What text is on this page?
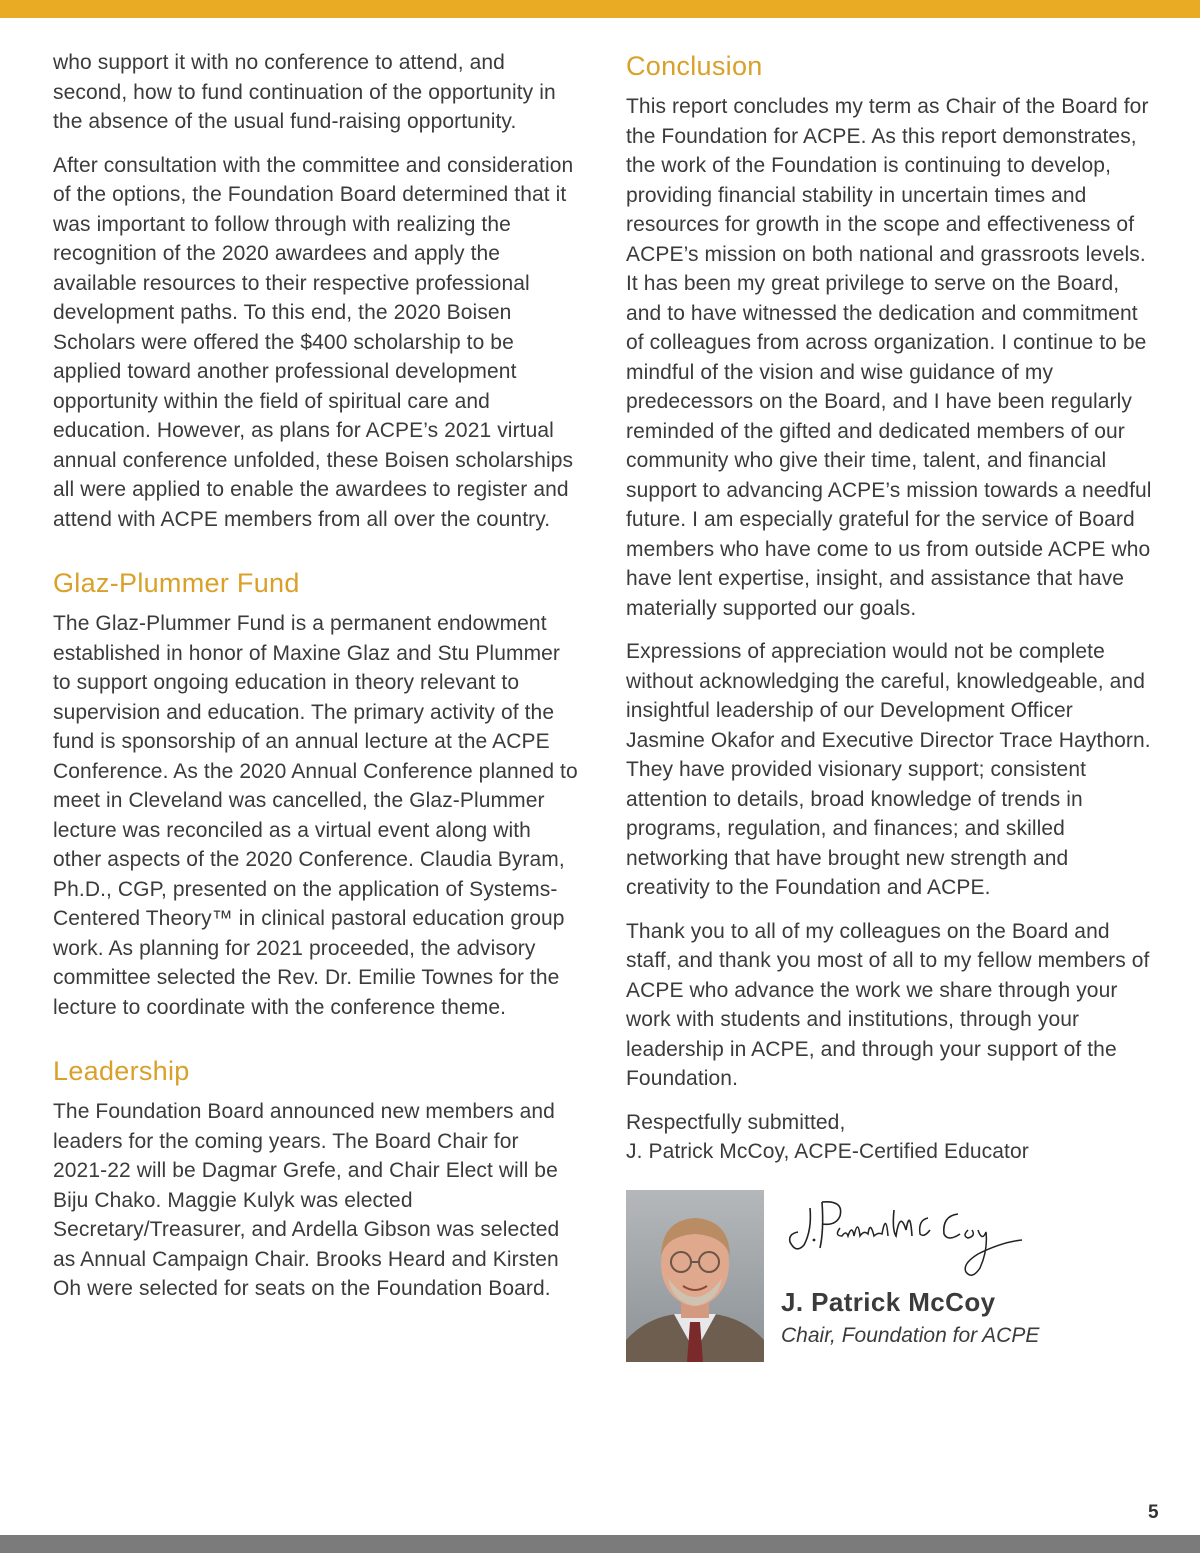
who support it with no conference to attend, and second, how to fund continuation of the opportunity in the absence of the usual fund-raising opportunity.

After consultation with the committee and consideration of the options, the Foundation Board determined that it was important to follow through with realizing the recognition of the 2020 awardees and apply the available resources to their respective professional development paths. To this end, the 2020 Boisen Scholars were offered the $400 scholarship to be applied toward another professional development opportunity within the field of spiritual care and education. However, as plans for ACPE’s 2021 virtual annual conference unfolded, these Boisen scholarships all were applied to enable the awardees to register and attend with ACPE members from all over the country.

Glaz-Plummer Fund

The Glaz-Plummer Fund is a permanent endowment established in honor of Maxine Glaz and Stu Plummer to support ongoing education in theory relevant to supervision and education. The primary activity of the fund is sponsorship of an annual lecture at the ACPE Conference. As the 2020 Annual Conference planned to meet in Cleveland was cancelled, the Glaz-Plummer lecture was reconciled as a virtual event along with other aspects of the 2020 Conference. Claudia Byram, Ph.D., CGP, presented on the application of Systems-Centered Theory™ in clinical pastoral education group work. As planning for 2021 proceeded, the advisory committee selected the Rev. Dr. Emilie Townes for the lecture to coordinate with the conference theme.

Leadership

The Foundation Board announced new members and leaders for the coming years. The Board Chair for 2021-22 will be Dagmar Grefe, and Chair Elect will be Biju Chako. Maggie Kulyk was elected Secretary/Treasurer, and Ardella Gibson was selected as Annual Campaign Chair. Brooks Heard and Kirsten Oh were selected for seats on the Foundation Board.

Conclusion

This report concludes my term as Chair of the Board for the Foundation for ACPE. As this report demonstrates, the work of the Foundation is continuing to develop, providing financial stability in uncertain times and resources for growth in the scope and effectiveness of ACPE’s mission on both national and grassroots levels. It has been my great privilege to serve on the Board, and to have witnessed the dedication and commitment of colleagues from across organization. I continue to be mindful of the vision and wise guidance of my predecessors on the Board, and I have been regularly reminded of the gifted and dedicated members of our community who give their time, talent, and financial support to advancing ACPE’s mission towards a needful future. I am especially grateful for the service of Board members who have come to us from outside ACPE who have lent expertise, insight, and assistance that have materially supported our goals.

Expressions of appreciation would not be complete without acknowledging the careful, knowledgeable, and insightful leadership of our Development Officer Jasmine Okafor and Executive Director Trace Haythorn. They have provided visionary support; consistent attention to details, broad knowledge of trends in programs, regulation, and finances; and skilled networking that have brought new strength and creativity to the Foundation and ACPE.

Thank you to all of my colleagues on the Board and staff, and thank you most of all to my fellow members of ACPE who advance the work we share through your work with students and institutions, through your leadership in ACPE, and through your support of the Foundation.

Respectfully submitted,

J. Patrick McCoy, ACPE-Certified Educator

J. Patrick McCoy
Chair, Foundation for ACPE
5
